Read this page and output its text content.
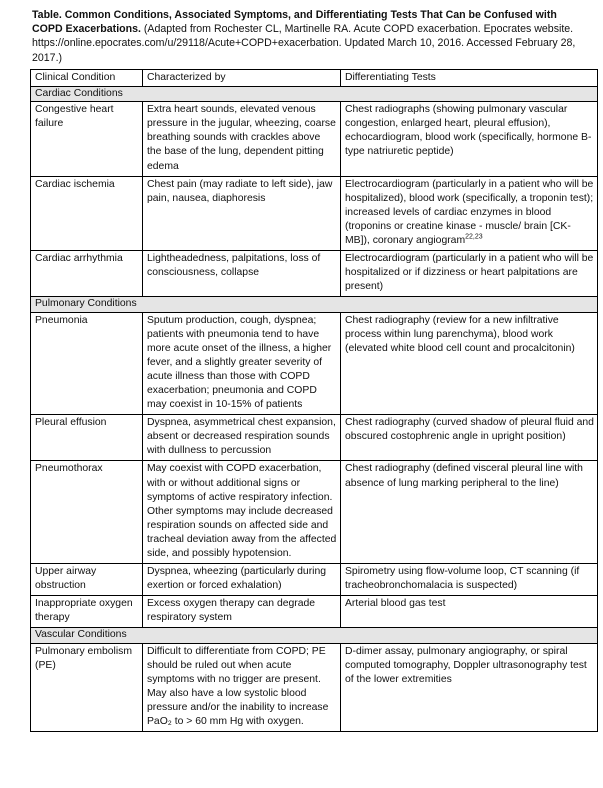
Table. Common Conditions, Associated Symptoms, and Differentiating Tests That Can be Confused with COPD Exacerbations. (Adapted from Rochester CL, Martinelle RA. Acute COPD exacerbation. Epocrates website. https://online.epocrates.com/u/29118/Acute+COPD+exacerbation. Updated March 10, 2016. Accessed February 28, 2017.)
Clinical Condition	Characterized by	Differentiating Tests
Cardiac Conditions		
Congestive heart failure	Extra heart sounds, elevated venous pressure in the jugular, wheezing, coarse breathing sounds with crackles above the base of the lung, dependent pitting edema	Chest radiographs (showing pulmonary vascular congestion, enlarged heart, pleural effusion), echocardiogram, blood work (specifically, hormone B-type natriuretic peptide)
Cardiac ischemia	Chest pain (may radiate to left side), jaw pain, nausea, diaphoresis	Electrocardiogram (particularly in a patient who will be hospitalized), blood work (specifically, a troponin test); increased levels of cardiac enzymes in blood (troponins or creatine kinase - muscle/ brain [CK-MB]), coronary angiogram$^{22,23}$
Cardiac arrhythmia	Lightheadedness, palpitations, loss of consciousness, collapse	Electrocardiogram (particularly in a patient who will be hospitalized or if dizziness or heart palpitations are present)
Pulmonary Conditions		
Pneumonia	Sputum production, cough, dyspnea; patients with pneumonia tend to have more acute onset of the illness, a higher fever, and a slightly greater severity of acute illness than those with COPD exacerbation; pneumonia and COPD may coexist in 10-15% of patients	Chest radiography (review for a new infiltrative process within lung parenchyma), blood work (elevated white blood cell count and procalcitonin)
Pleural effusion	Dyspnea, asymmetrical chest expansion, absent or decreased respiration sounds with dullness to percussion	Chest radiography (curved shadow of pleural fluid and obscured costophrenic angle in upright position)
Pneumothorax	May coexist with COPD exacerbation, with or without additional signs or symptoms of active respiratory infection. Other symptoms may include decreased respiration sounds on affected side and tracheal deviation away from the affected side, and possibly hypotension.	Chest radiography (defined visceral pleural line with absence of lung marking peripheral to the line)
Upper airway obstruction	Dyspnea, wheezing (particularly during exertion or forced exhalation)	Spirometry using flow-volume loop, CT scanning (if tracheobronchomalacia is suspected)
Inappropriate oxygen therapy	Excess oxygen therapy can degrade respiratory system	Arterial blood gas test
Vascular Conditions		
Pulmonary embolism (PE)	Difficult to differentiate from COPD; PE should be ruled out when acute symptoms with no trigger are present. May also have a low systolic blood pressure and/or the inability to increase PaO₂ to > 60 mm Hg with oxygen.	D-dimer assay, pulmonary angiography, or spiral computed tomography, Doppler ultrasonography test of the lower extremities
